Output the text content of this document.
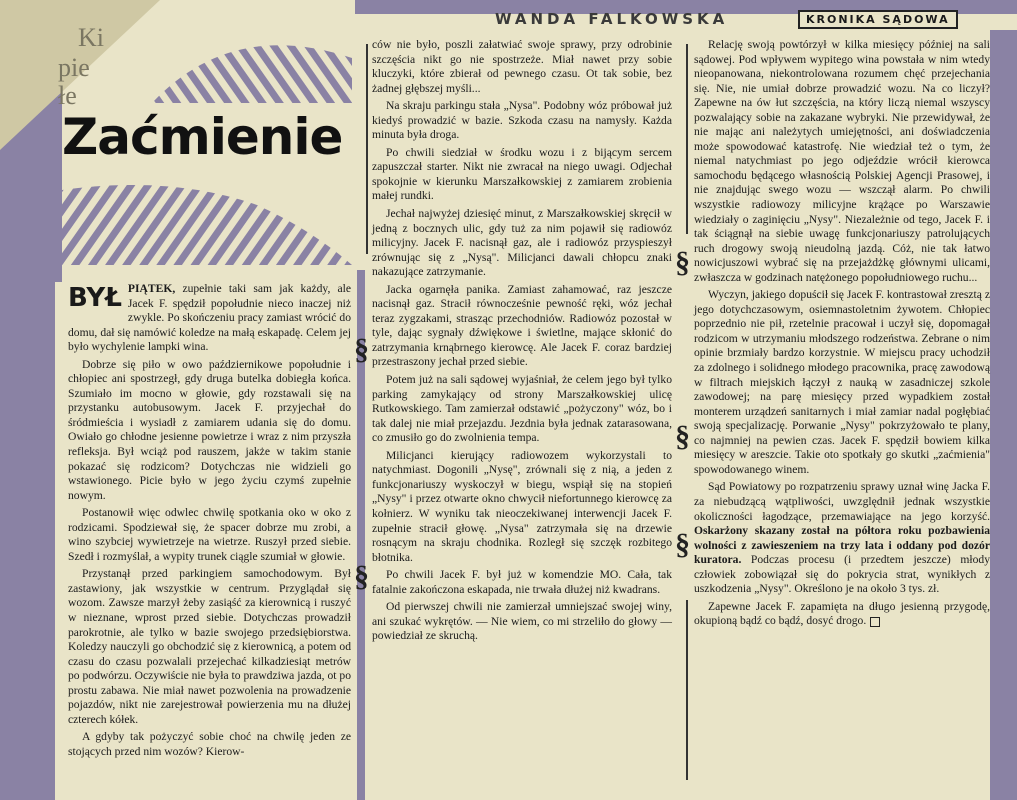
Ki
pie
łe
Zaćmienie
WANDA FALKOWSKA	KRONIKA SĄDOWA
§
§
§
§
§

BYŁ PIĄTEK, zupełnie taki sam jak każdy, ale Jacek F. spędził popołudnie nieco inaczej niż zwykle. Po skończeniu pracy zamiast wrócić do domu, dał się namówić koledze na małą eskapadę. Celem jej było wychylenie lampki wina.

Dobrze się piło w owo październikowe popołudnie i chłopiec ani spostrzegł, gdy druga butelka dobiegła końca. Szumiało im mocno w głowie, gdy rozstawali się na przystanku autobusowym. Jacek F. przyjechał do śródmieścia i wysiadł z zamiarem udania się do domu. Owiało go chłodne jesienne powietrze i wraz z nim przyszła refleksja. Był wciąż pod rauszem, jakże w takim stanie pokazać się rodzicom? Dotychczas nie widzieli go wstawionego. Picie było w jego życiu czymś zupełnie nowym.

Postanowił więc odwlec chwilę spotkania oko w oko z rodzicami. Spodziewał się, że spacer dobrze mu zrobi, a wino szybciej wywietrzeje na wietrze. Ruszył przed siebie. Szedł i rozmyślał, a wypity trunek ciągle szumiał w głowie.

Przystanął przed parkingiem samochodowym. Był zastawiony, jak wszystkie w centrum. Przyglądał się wozom. Zawsze marzył żeby zasiąść za kierownicą i ruszyć w nieznane, wprost przed siebie. Dotychczas prowadził parokrotnie, ale tylko w bazie swojego przedsiębiorstwa. Koledzy nauczyli go obchodzić się z kierownicą, a potem od czasu do czasu pozwalali przejechać kilkadziesiąt metrów po podwórzu. Oczywiście nie była to prawdziwa jazda, ot po prostu zabawa. Nie miał nawet pozwolenia na prowadzenie pojazdów, nikt nie zarejestrował powierzenia mu na dłużej czterech kółek.

A gdyby tak pożyczyć sobie choć na chwilę jeden ze stojących przed nim wozów? Kierow-

ców nie było, poszli załatwiać swoje sprawy, przy odrobinie szczęścia nikt go nie spostrzeże. Miał nawet przy sobie kluczyki, które zbierał od pewnego czasu. Ot tak sobie, bez żadnej głębszej myśli...

Na skraju parkingu stała „Nysa". Podobny wóz próbował już kiedyś prowadzić w bazie. Szkoda czasu na namysły. Każda minuta była droga.

Po chwili siedział w środku wozu i z bijącym sercem zapuszczał starter. Nikt nie zwracał na niego uwagi. Odjechał spokojnie w kierunku Marszałkowskiej z zamiarem zrobienia małej rundki.

Jechał najwyżej dziesięć minut, z Marszałkowskiej skręcił w jedną z bocznych ulic, gdy tuż za nim pojawił się radiowóz milicyjny. Jacek F. nacisnął gaz, ale i radiowóz przyspieszył zrównując się z „Nysą". Milicjanci dawali chłopcu znaki nakazujące zatrzymanie.

Jacka ogarnęła panika. Zamiast zahamować, raz jeszcze nacisnął gaz. Stracił równocześnie pewność ręki, wóz jechał teraz zygzakami, strasząc przechodniów. Radiowóz pozostał w tyle, dając sygnały dźwiękowe i świetlne, mające skłonić do zatrzymania krnąbrnego kierowcę. Ale Jacek F. coraz bardziej przestraszony jechał przed siebie.

Potem już na sali sądowej wyjaśniał, że celem jego był tylko parking zamykający od strony Marszałkowskiej ulicę Rutkowskiego. Tam zamierzał odstawić „pożyczony" wóz, bo i tak dalej nie miał przejazdu. Jezdnia była jednak zatarasowana, co zmusiło go do zwolnienia tempa.

Milicjanci kierujący radiowozem wykorzystali to natychmiast. Dogonili „Nysę", zrównali się z nią, a jeden z funkcjonariuszy wyskoczył w biegu, wspiął się na stopień „Nysy" i przez otwarte okno chwycił niefortunnego kierowcę za kołnierz. W wyniku tak nieoczekiwanej interwencji Jacek F. zupełnie stracił głowę. „Nysa" zatrzymała się na drzewie rosnącym na skraju chodnika. Rozległ się szczęk rozbitego błotnika.

Po chwili Jacek F. był już w komendzie MO. Cała, tak fatalnie zakończona eskapada, nie trwała dłużej niż kwadrans.

Od pierwszej chwili nie zamierzał umniejszać swojej winy, ani szukać wykrętów. — Nie wiem, co mi strzeliło do głowy — powiedział ze skruchą.

Relację swoją powtórzył w kilka miesięcy później na sali sądowej. Pod wpływem wypitego wina powstała w nim wtedy nieopanowana, niekontrolowana rozumem chęć przejechania się. Nie, nie umiał dobrze prowadzić wozu. Na co liczył? Zapewne na ów łut szczęścia, na który liczą niemal wszyscy pozwalający sobie na zakazane wybryki. Nie przewidywał, że nie mając ani należytych umiejętności, ani doświadczenia może spowodować katastrofę. Nie wiedział też o tym, że niemal natychmiast po jego odjeździe wrócił kierowca samochodu będącego własnością Polskiej Agencji Prasowej, i nie znajdując swego wozu — wszczął alarm. Po chwili wszystkie radiowozy milicyjne krążące po Warszawie wiedziały o zaginięciu „Nysy". Niezależnie od tego, Jacek F. i tak ściągnął na siebie uwagę funkcjonariuszy patrolujących ruch drogowy swoją nieudolną jazdą. Cóż, nie tak łatwo nowicjuszowi wybrać się na przejażdżkę głównymi ulicami, zwłaszcza w godzinach natężonego popołudniowego ruchu...

Wyczyn, jakiego dopuścił się Jacek F. kontrastował zresztą z jego dotychczasowym, osiemnastoletnim żywotem. Chłopiec poprzednio nie pił, rzetelnie pracował i uczył się, dopomagał rodzicom w utrzymaniu młodszego rodzeństwa. Zebrane o nim opinie brzmiały bardzo korzystnie. W miejscu pracy uchodził za zdolnego i solidnego młodego pracownika, pracę zawodową w filtrach miejskich łączył z nauką w zasadniczej szkole zawodowej; na parę miesięcy przed wypadkiem został monterem urządzeń sanitarnych i miał zamiar nadal pogłębiać swoją specjalizację. Porwanie „Nysy" pokrzyżowało te plany, co najmniej na pewien czas. Jacek F. spędził bowiem kilka miesięcy w areszcie. Takie oto spotkały go skutki „zaćmienia" spowodowanego winem.

Sąd Powiatowy po rozpatrzeniu sprawy uznał winę Jacka F. za niebudzącą wątpliwości, uwzględnił jednak wszystkie okoliczności łagodzące, przemawiające na jego korzyść. Oskarżony skazany został na półtora roku pozbawienia wolności z zawieszeniem na trzy lata i oddany pod dozór kuratora. Podczas procesu (i przedtem jeszcze) młody człowiek zobowiązał się do pokrycia strat, wynikłych z uszkodzenia „Nysy". Określono je na około 3 tys. zł.

Zapewne Jacek F. zapamięta na długo jesienną przygodę, okupioną bądź co bądź, dosyć drogo.
